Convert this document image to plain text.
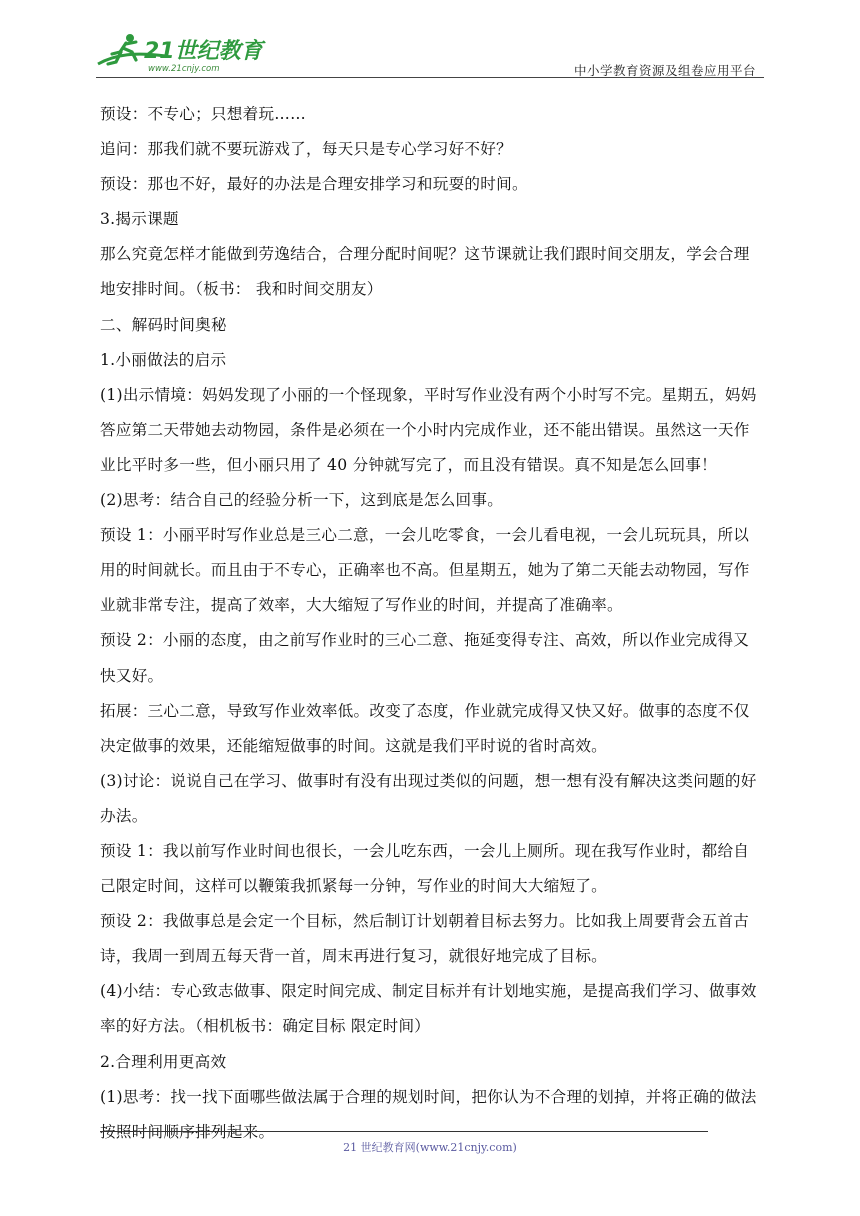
21世纪教育
www.21cnjy.com	中小学教育资源及组卷应用平台

预设：不专心；只想着玩……

追问：那我们就不要玩游戏了，每天只是专心学习好不好？

预设：那也不好，最好的办法是合理安排学习和玩耍的时间。

3.揭示课题

那么究竟怎样才能做到劳逸结合，合理分配时间呢？这节课就让我们跟时间交朋友，学会合理地安排时间。（板书： 我和时间交朋友）

二、解码时间奥秘

1.小丽做法的启示

(1)出示情境：妈妈发现了小丽的一个怪现象，平时写作业没有两个小时写不完。星期五，妈妈答应第二天带她去动物园，条件是必须在一个小时内完成作业，还不能出错误。虽然这一天作业比平时多一些，但小丽只用了 40 分钟就写完了，而且没有错误。真不知是怎么回事！

(2)思考：结合自己的经验分析一下，这到底是怎么回事。

预设 1：小丽平时写作业总是三心二意，一会儿吃零食，一会儿看电视，一会儿玩玩具，所以用的时间就长。而且由于不专心，正确率也不高。但星期五，她为了第二天能去动物园，写作业就非常专注，提高了效率，大大缩短了写作业的时间，并提高了准确率。

预设 2：小丽的态度，由之前写作业时的三心二意、拖延变得专注、高效，所以作业完成得又快又好。

拓展：三心二意，导致写作业效率低。改变了态度，作业就完成得又快又好。做事的态度不仅决定做事的效果，还能缩短做事的时间。这就是我们平时说的省时高效。

(3)讨论：说说自己在学习、做事时有没有出现过类似的问题，想一想有没有解决这类问题的好办法。

预设 1：我以前写作业时间也很长，一会儿吃东西，一会儿上厕所。现在我写作业时，都给自己限定时间，这样可以鞭策我抓紧每一分钟，写作业的时间大大缩短了。

预设 2：我做事总是会定一个目标，然后制订计划朝着目标去努力。比如我上周要背会五首古诗，我周一到周五每天背一首，周末再进行复习，就很好地完成了目标。

(4)小结：专心致志做事、限定时间完成、制定目标并有计划地实施，是提高我们学习、做事效率的好方法。（相机板书：确定目标 限定时间）

2.合理利用更高效

(1)思考：找一找下面哪些做法属于合理的规划时间，把你认为不合理的划掉，并将正确的做法按照时间顺序排列起来。

21 世纪教育网(www.21cnjy.com)
